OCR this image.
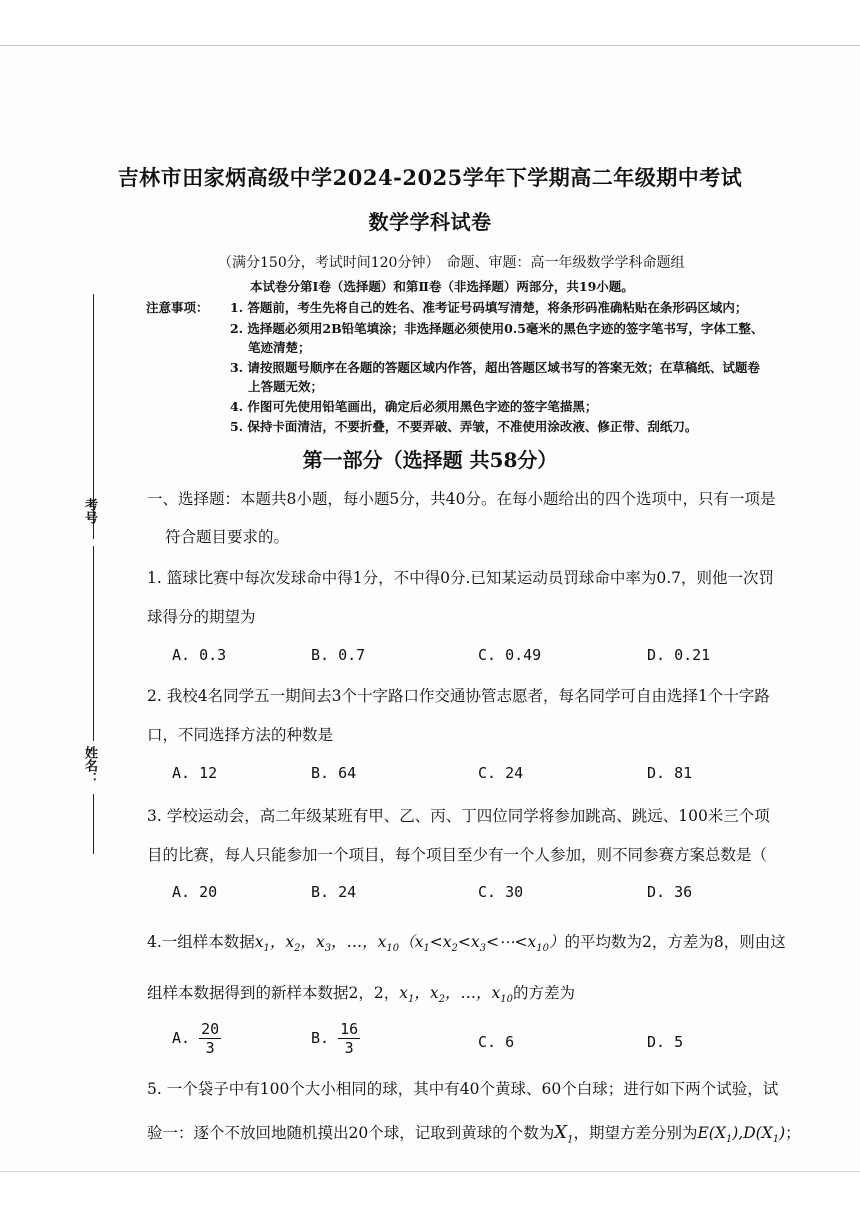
吉林市田家炳高级中学2024-2025学年下学期高二年级期中考试
数学学科试卷
（满分150分，考试时间120分钟）　命题、审题：高一年级数学学科命题组
本试卷分第Ⅰ卷（选择题）和第Ⅱ卷（非选择题）两部分，共19小题。
注意事项： 1. 答题前，考生先将自己的姓名、准考证号码填写清楚，将条形码准确粘贴在条形码区域内；
2. 选择题必须用2B铅笔填涂；非选择题必须使用0.5毫米的黑色字迹的签字笔书写，字体工整、
笔迹清楚；
3. 请按照题号顺序在各题的答题区域内作答，超出答题区域书写的答案无效；在草稿纸、试题卷
上答题无效；
4. 作图可先使用铅笔画出，确定后必须用黑色字迹的签字笔描黑；
5. 保持卡面清洁，不要折叠，不要弄破、弄皱，不准使用涂改液、修正带、刮纸刀。
第一部分（选择题 共58分）
一、选择题：本题共8小题，每小题5分，共40分。在每小题给出的四个选项中，只有一项是
符合题目要求的。
1. 篮球比赛中每次发球命中得1分，不中得0分.已知某运动员罚球命中率为0.7，则他一次罚
球得分的期望为
A. 0.3	B. 0.7	C. 0.49	D. 0.21
2. 我校4名同学五一期间去3个十字路口作交通协管志愿者，每名同学可自由选择1个十字路
口，不同选择方法的种数是
A. 12	B. 64	C. 24	D. 81
3. 学校运动会，高二年级某班有甲、乙、丙、丁四位同学将参加跳高、跳远、100米三个项
目的比赛，每人只能参加一个项目，每个项目至少有一个人参加，则不同参赛方案总数是（
A. 20	B. 24	C. 30	D. 36
4.一组样本数据$x_1$，$x_2$，$x_3$，…，$x_{10}(x_1<x_2<x_3<\cdots<x_{10})$的平均数为2，方差为8，则由这
组样本数据得到的新样本数据2，2，$x_1$，$x_2$，…，$x_{10}$的方差为
A. $\frac{20}{3}$	B. $\frac{16}{3}$	C. 6	D. 5
5. 一个袋子中有100个大小相同的球，其中有40个黄球、60个白球；进行如下两个试验，试
验一：逐个不放回地随机摸出20个球，记取到黄球的个数为$X_1$，期望方差分别为$E(X_1),D(X_1)$；
考号
姓名：
